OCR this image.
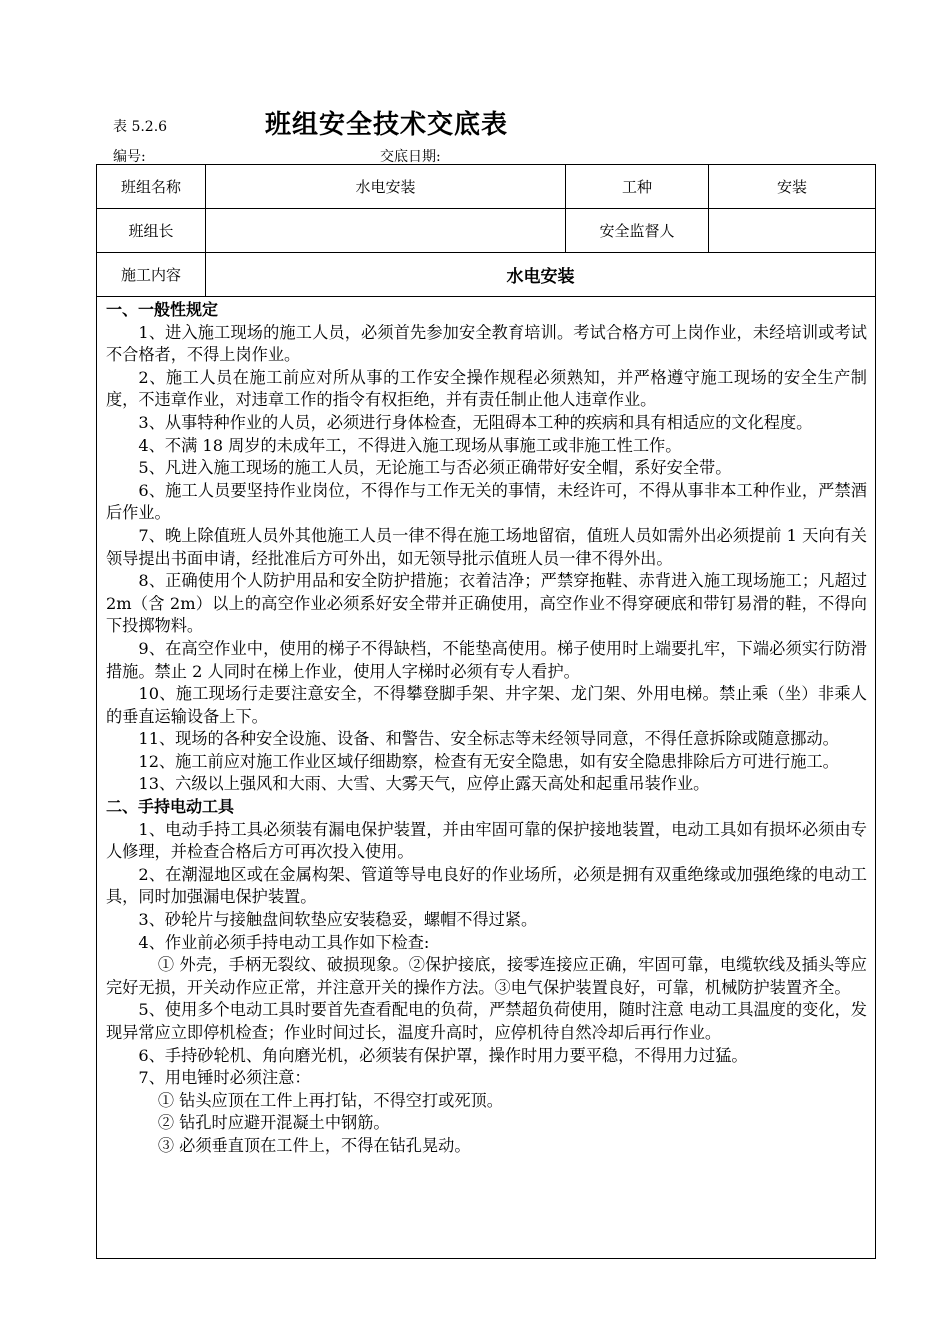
表 5.2.6	班组安全技术交底表
编号:	交底日期:
班组名称	水电安装	工种	安装
班组长		安全监督人	
施工内容	水电安装		
一、一般性规定
1、进入施工现场的施工人员，必须首先参加安全教育培训。考试合格方可上岗作业，未经培训或考试不合格者，不得上岗作业。
2、施工人员在施工前应对所从事的工作安全操作规程必须熟知，并严格遵守施工现场的安全生产制度，不违章作业，对违章工作的指令有权拒绝，并有责任制止他人违章作业。
3、从事特种作业的人员，必须进行身体检查，无阻碍本工种的疾病和具有相适应的文化程度。
4、不满 18 周岁的未成年工，不得进入施工现场从事施工或非施工性工作。
5、凡进入施工现场的施工人员，无论施工与否必须正确带好安全帽，系好安全带。
6、施工人员要坚持作业岗位，不得作与工作无关的事情，未经许可，不得从事非本工种作业，严禁酒后作业。
7、晚上除值班人员外其他施工人员一律不得在施工场地留宿，值班人员如需外出必须提前 1 天向有关领导提出书面申请，经批准后方可外出，如无领导批示值班人员一律不得外出。
8、正确使用个人防护用品和安全防护措施；衣着洁净；严禁穿拖鞋、赤背进入施工现场施工；凡超过 2m（含 2m）以上的高空作业必须系好安全带并正确使用，高空作业不得穿硬底和带钉易滑的鞋，不得向下投掷物料。
9、在高空作业中，使用的梯子不得缺档，不能垫高使用。梯子使用时上端要扎牢，下端必须实行防滑措施。禁止 2 人同时在梯上作业，使用人字梯时必须有专人看护。
10、施工现场行走要注意安全，不得攀登脚手架、井字架、龙门架、外用电梯。禁止乘（坐）非乘人的垂直运输设备上下。
11、现场的各种安全设施、设备、和警告、安全标志等未经领导同意，不得任意拆除或随意挪动。
12、施工前应对施工作业区域仔细勘察，检查有无安全隐患，如有安全隐患排除后方可进行施工。
13、六级以上强风和大雨、大雪、大雾天气，应停止露天高处和起重吊装作业。
二、手持电动工具
1、电动手持工具必须装有漏电保护装置，并由牢固可靠的保护接地装置，电动工具如有损坏必须由专人修理，并检查合格后方可再次投入使用。
2、在潮湿地区或在金属构架、管道等导电良好的作业场所，必须是拥有双重绝缘或加强绝缘的电动工具，同时加强漏电保护装置。
3、砂轮片与接触盘间软垫应安装稳妥，螺帽不得过紧。
4、作业前必须手持电动工具作如下检查:
① 外壳，手柄无裂纹、破损现象。②保护接底，接零连接应正确，牢固可靠，电缆软线及插头等应完好无损，开关动作应正常，并注意开关的操作方法。③电气保护装置良好，可靠，机械防护装置齐全。
5、使用多个电动工具时要首先查看配电的负荷，严禁超负荷使用，随时注意 电动工具温度的变化，发现异常应立即停机检查；作业时间过长，温度升高时，应停机待自然冷却后再行作业。
6、手持砂轮机、角向磨光机，必须装有保护罩，操作时用力要平稳，不得用力过猛。
7、用电锤时必须注意：
① 钻头应顶在工件上再打钻，不得空打或死顶。
② 钻孔时应避开混凝土中钢筋。
③ 必须垂直顶在工件上，不得在钻孔晃动。
